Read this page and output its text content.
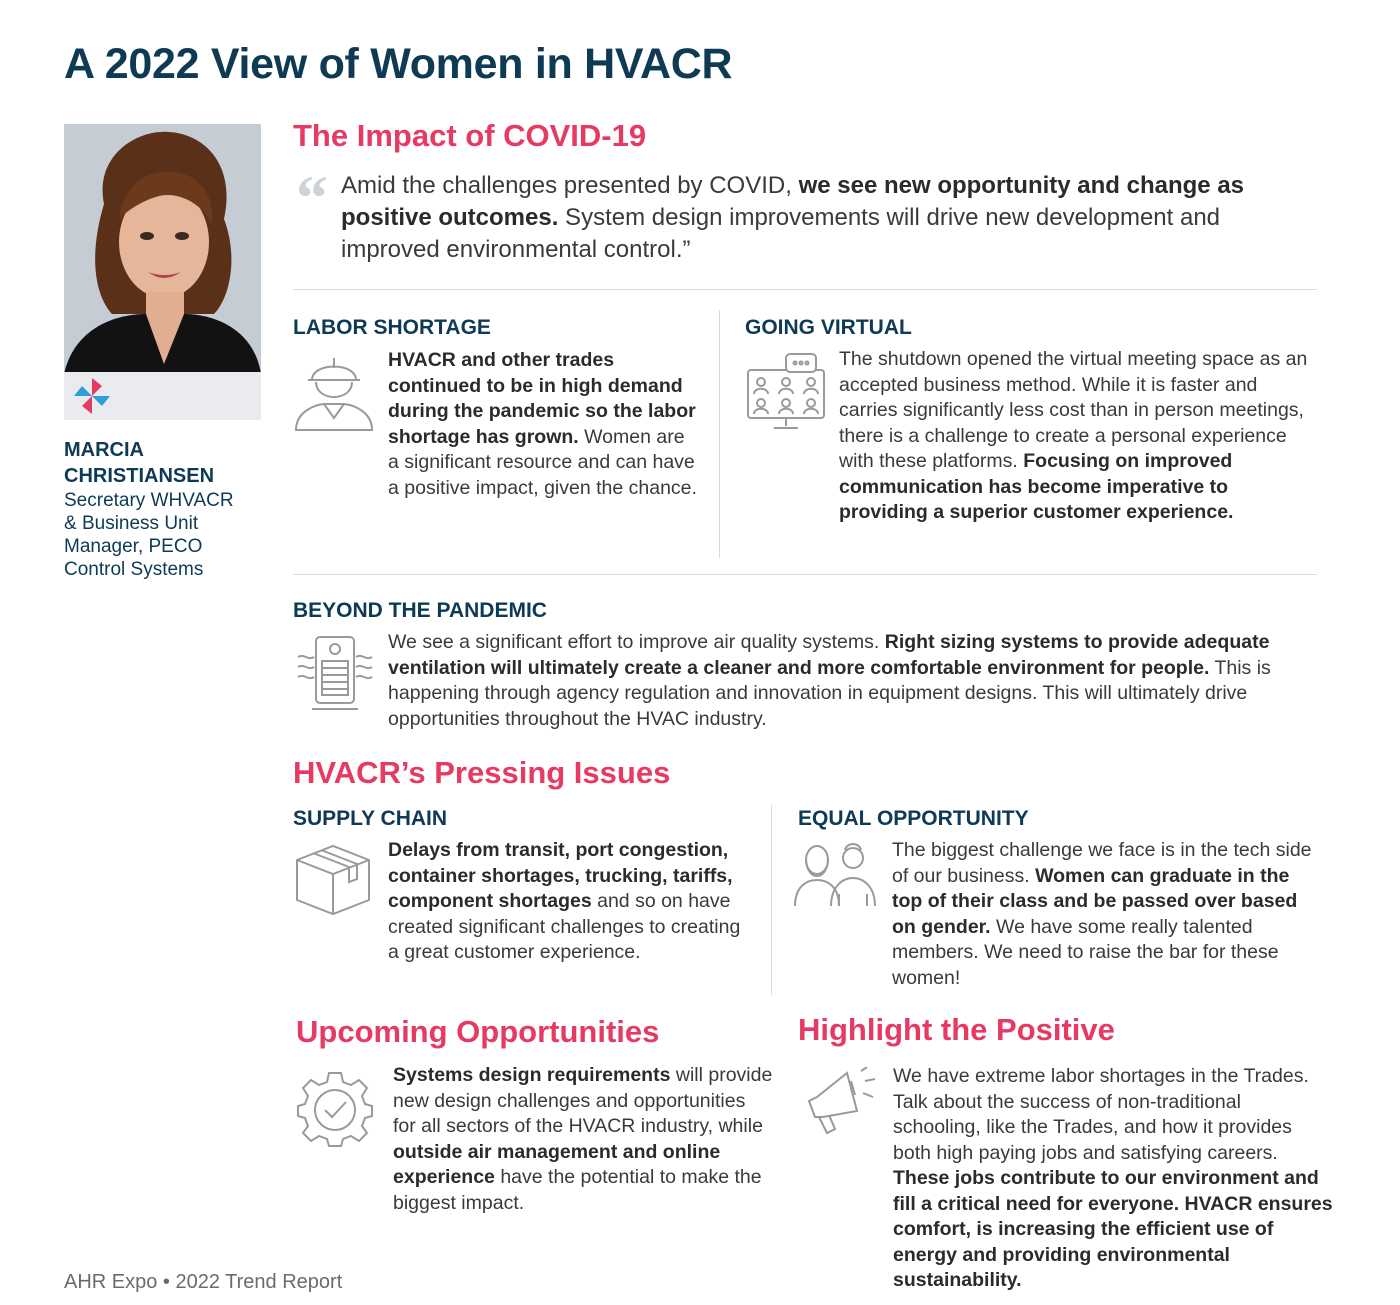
A 2022 View of Women in HVACR
MARCIA
CHRISTIANSEN
Secretary WHVACR
& Business Unit
Manager, PECO
Control Systems
The Impact of COVID-19
“ Amid the challenges presented by COVID, we see new opportunity and change as positive outcomes. System design improvements will drive new development and improved environmental control.”
LABOR SHORTAGE
HVACR and other trades continued to be in high demand during the pandemic so the labor shortage has grown. Women are a significant resource and can have a positive impact, given the chance.
GOING VIRTUAL
The shutdown opened the virtual meeting space as an accepted business method. While it is faster and carries significantly less cost than in person meetings, there is a challenge to create a personal experience with these platforms. Focusing on improved communication has become imperative to providing a superior customer experience.
BEYOND THE PANDEMIC
We see a significant effort to improve air quality systems. Right sizing systems to provide adequate ventilation will ultimately create a cleaner and more comfortable environment for people. This is happening through agency regulation and innovation in equipment designs. This will ultimately drive opportunities throughout the HVAC industry.
HVACR’s Pressing Issues
SUPPLY CHAIN
Delays from transit, port congestion, container shortages, trucking, tariffs, component shortages and so on have created significant challenges to creating a great customer experience.
EQUAL OPPORTUNITY
The biggest challenge we face is in the tech side of our business. Women can graduate in the top of their class and be passed over based on gender. We have some really talented members. We need to raise the bar for these women!
Upcoming Opportunities
Systems design requirements will provide new design challenges and opportunities for all sectors of the HVACR industry, while outside air management and online experience have the potential to make the biggest impact.
Highlight the Positive
We have extreme labor shortages in the Trades. Talk about the success of non-traditional schooling, like the Trades, and how it provides both high paying jobs and satisfying careers. These jobs contribute to our environment and fill a critical need for everyone. HVACR ensures comfort, is increasing the efficient use of energy and providing environmental sustainability.
AHR Expo • 2022 Trend Report
